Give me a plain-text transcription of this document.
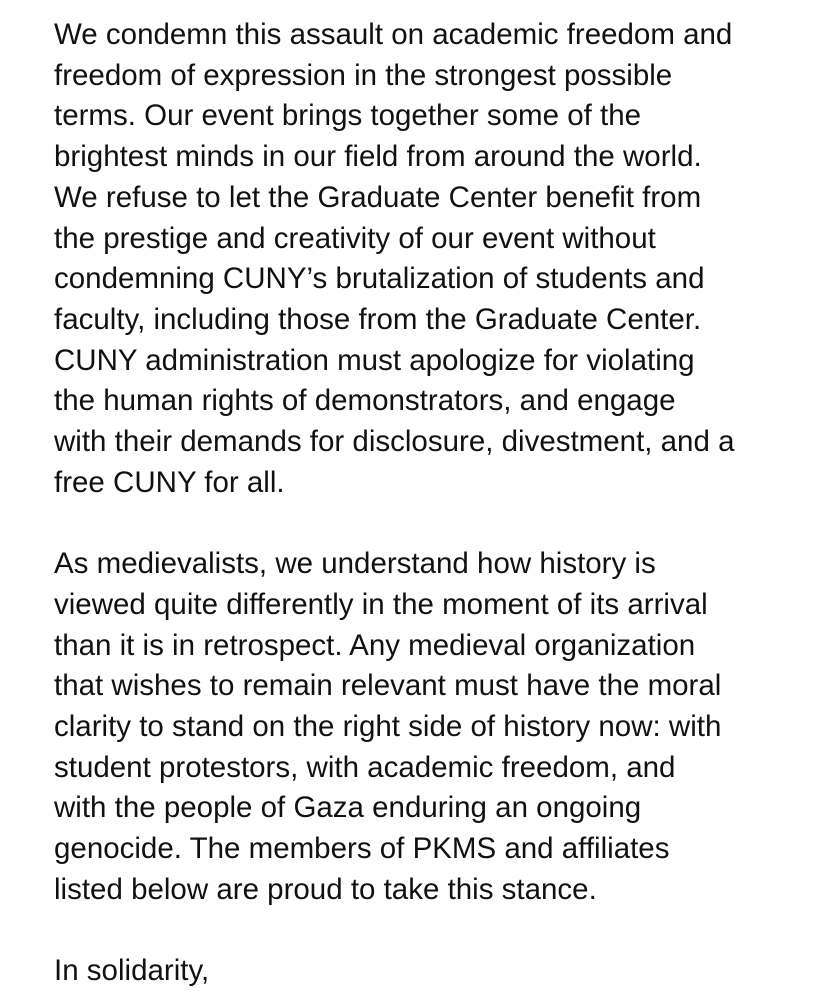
We condemn this assault on academic freedom and
freedom of expression in the strongest possible
terms. Our event brings together some of the
brightest minds in our field from around the world.
We refuse to let the Graduate Center benefit from
the prestige and creativity of our event without
condemning CUNY’s brutalization of students and
faculty, including those from the Graduate Center.
CUNY administration must apologize for violating
the human rights of demonstrators, and engage
with their demands for disclosure, divestment, and a
free CUNY for all.

As medievalists, we understand how history is
viewed quite differently in the moment of its arrival
than it is in retrospect. Any medieval organization
that wishes to remain relevant must have the moral
clarity to stand on the right side of history now: with
student protestors, with academic freedom, and
with the people of Gaza enduring an ongoing
genocide. The members of PKMS and affiliates
listed below are proud to take this stance.

In solidarity,
